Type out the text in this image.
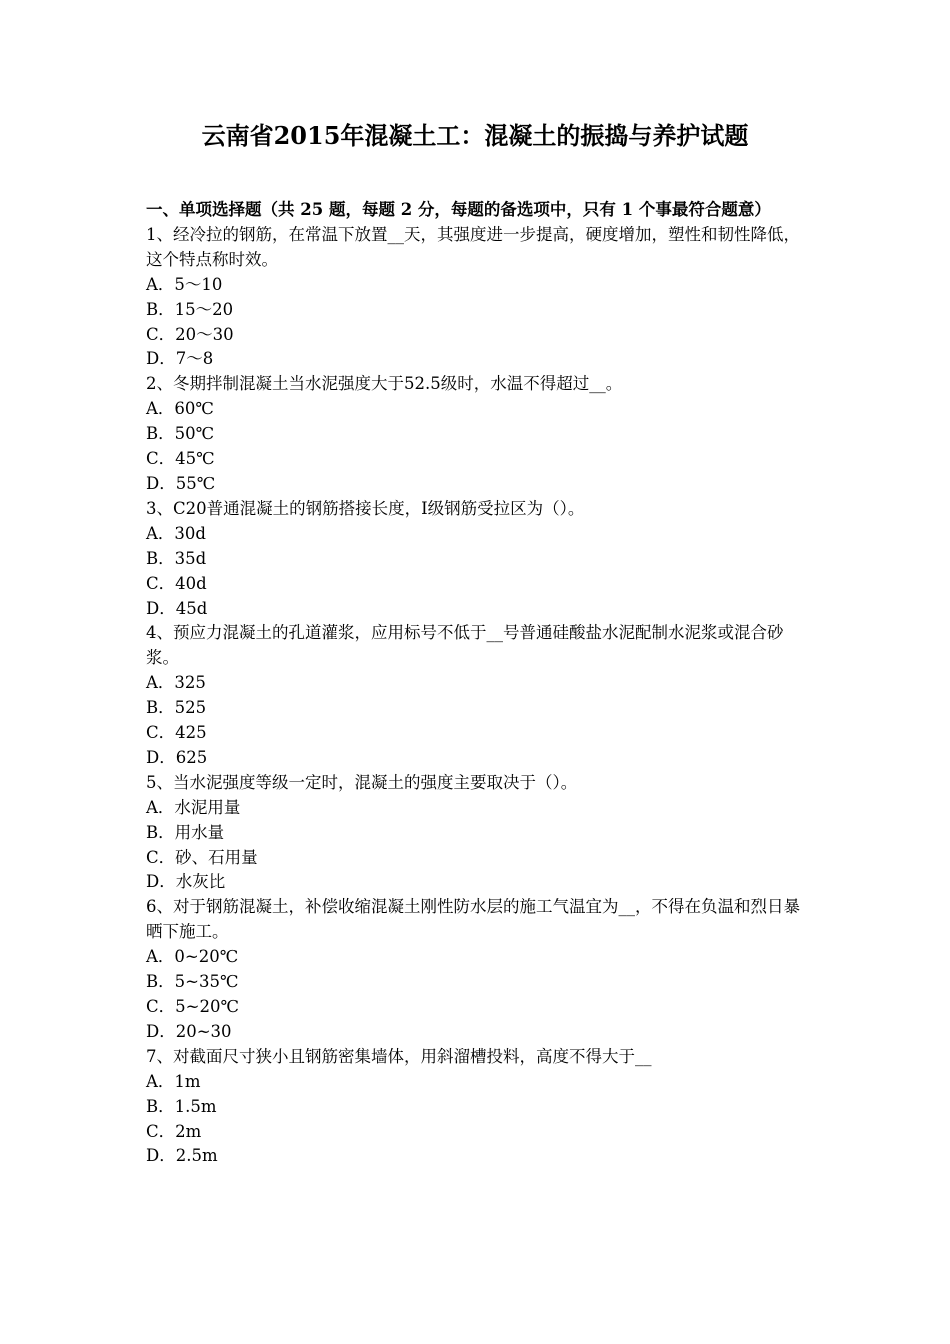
云南省2015年混凝土工：混凝土的振捣与养护试题
一、单项选择题（共 25 题，每题 2 分，每题的备选项中，只有 1 个事最符合题意）
1、经冷拉的钢筋，在常温下放置__天，其强度进一步提高，硬度增加，塑性和韧性降低，这个特点称时效。
A．5～10
B．15～20
C．20～30
D．7～8
2、冬期拌制混凝土当水泥强度大于52.5级时，水温不得超过__。
A．60℃
B．50℃
C．45℃
D．55℃
3、C20普通混凝土的钢筋搭接长度，I级钢筋受拉区为（）。
A．30d
B．35d
C．40d
D．45d
4、预应力混凝土的孔道灌浆，应用标号不低于__号普通硅酸盐水泥配制水泥浆或混合砂浆。
A．325
B．525
C．425
D．625
5、当水泥强度等级一定时，混凝土的强度主要取决于（）。
A．水泥用量
B．用水量
C．砂、石用量
D．水灰比
6、对于钢筋混凝土，补偿收缩混凝土刚性防水层的施工气温宜为__，不得在负温和烈日暴晒下施工。
A．0~20℃
B．5~35℃
C．5~20℃
D．20~30
7、对截面尺寸狭小且钢筋密集墙体，用斜溜槽投料，高度不得大于__
A．1m
B．1.5m
C．2m
D．2.5m
